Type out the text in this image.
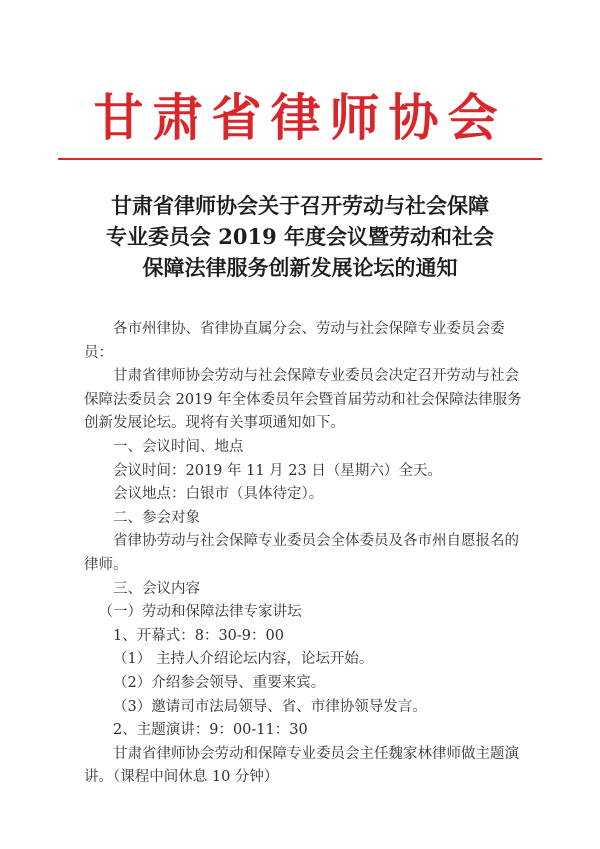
甘肃省律师协会
甘肃省律师协会关于召开劳动与社会保障
专业委员会 2019 年度会议暨劳动和社会
保障法律服务创新发展论坛的通知

各市州律协、省律协直属分会、劳动与社会保障专业委员会委员：

甘肃省律师协会劳动与社会保障专业委员会决定召开劳动与社会保障法委员会 2019 年全体委员年会暨首届劳动和社会保障法律服务创新发展论坛。现将有关事项通知如下。

一、会议时间、地点

会议时间：2019 年 11 月 23 日（星期六）全天。

会议地点：白银市（具体待定）。

二、参会对象

省律协劳动与社会保障专业委员会全体委员及各市州自愿报名的律师。

三、会议内容

（一）劳动和保障法律专家讲坛

1、开幕式：8：30-9：00

（1） 主持人介绍论坛内容，论坛开始。

（2）介绍参会领导、重要来宾。

（3）邀请司市法局领导、省、市律协领导发言。

2、主题演讲：9：00-11：30

甘肃省律师协会劳动和保障专业委员会主任魏家林律师做主题演讲。（课程中间休息 10 分钟）
